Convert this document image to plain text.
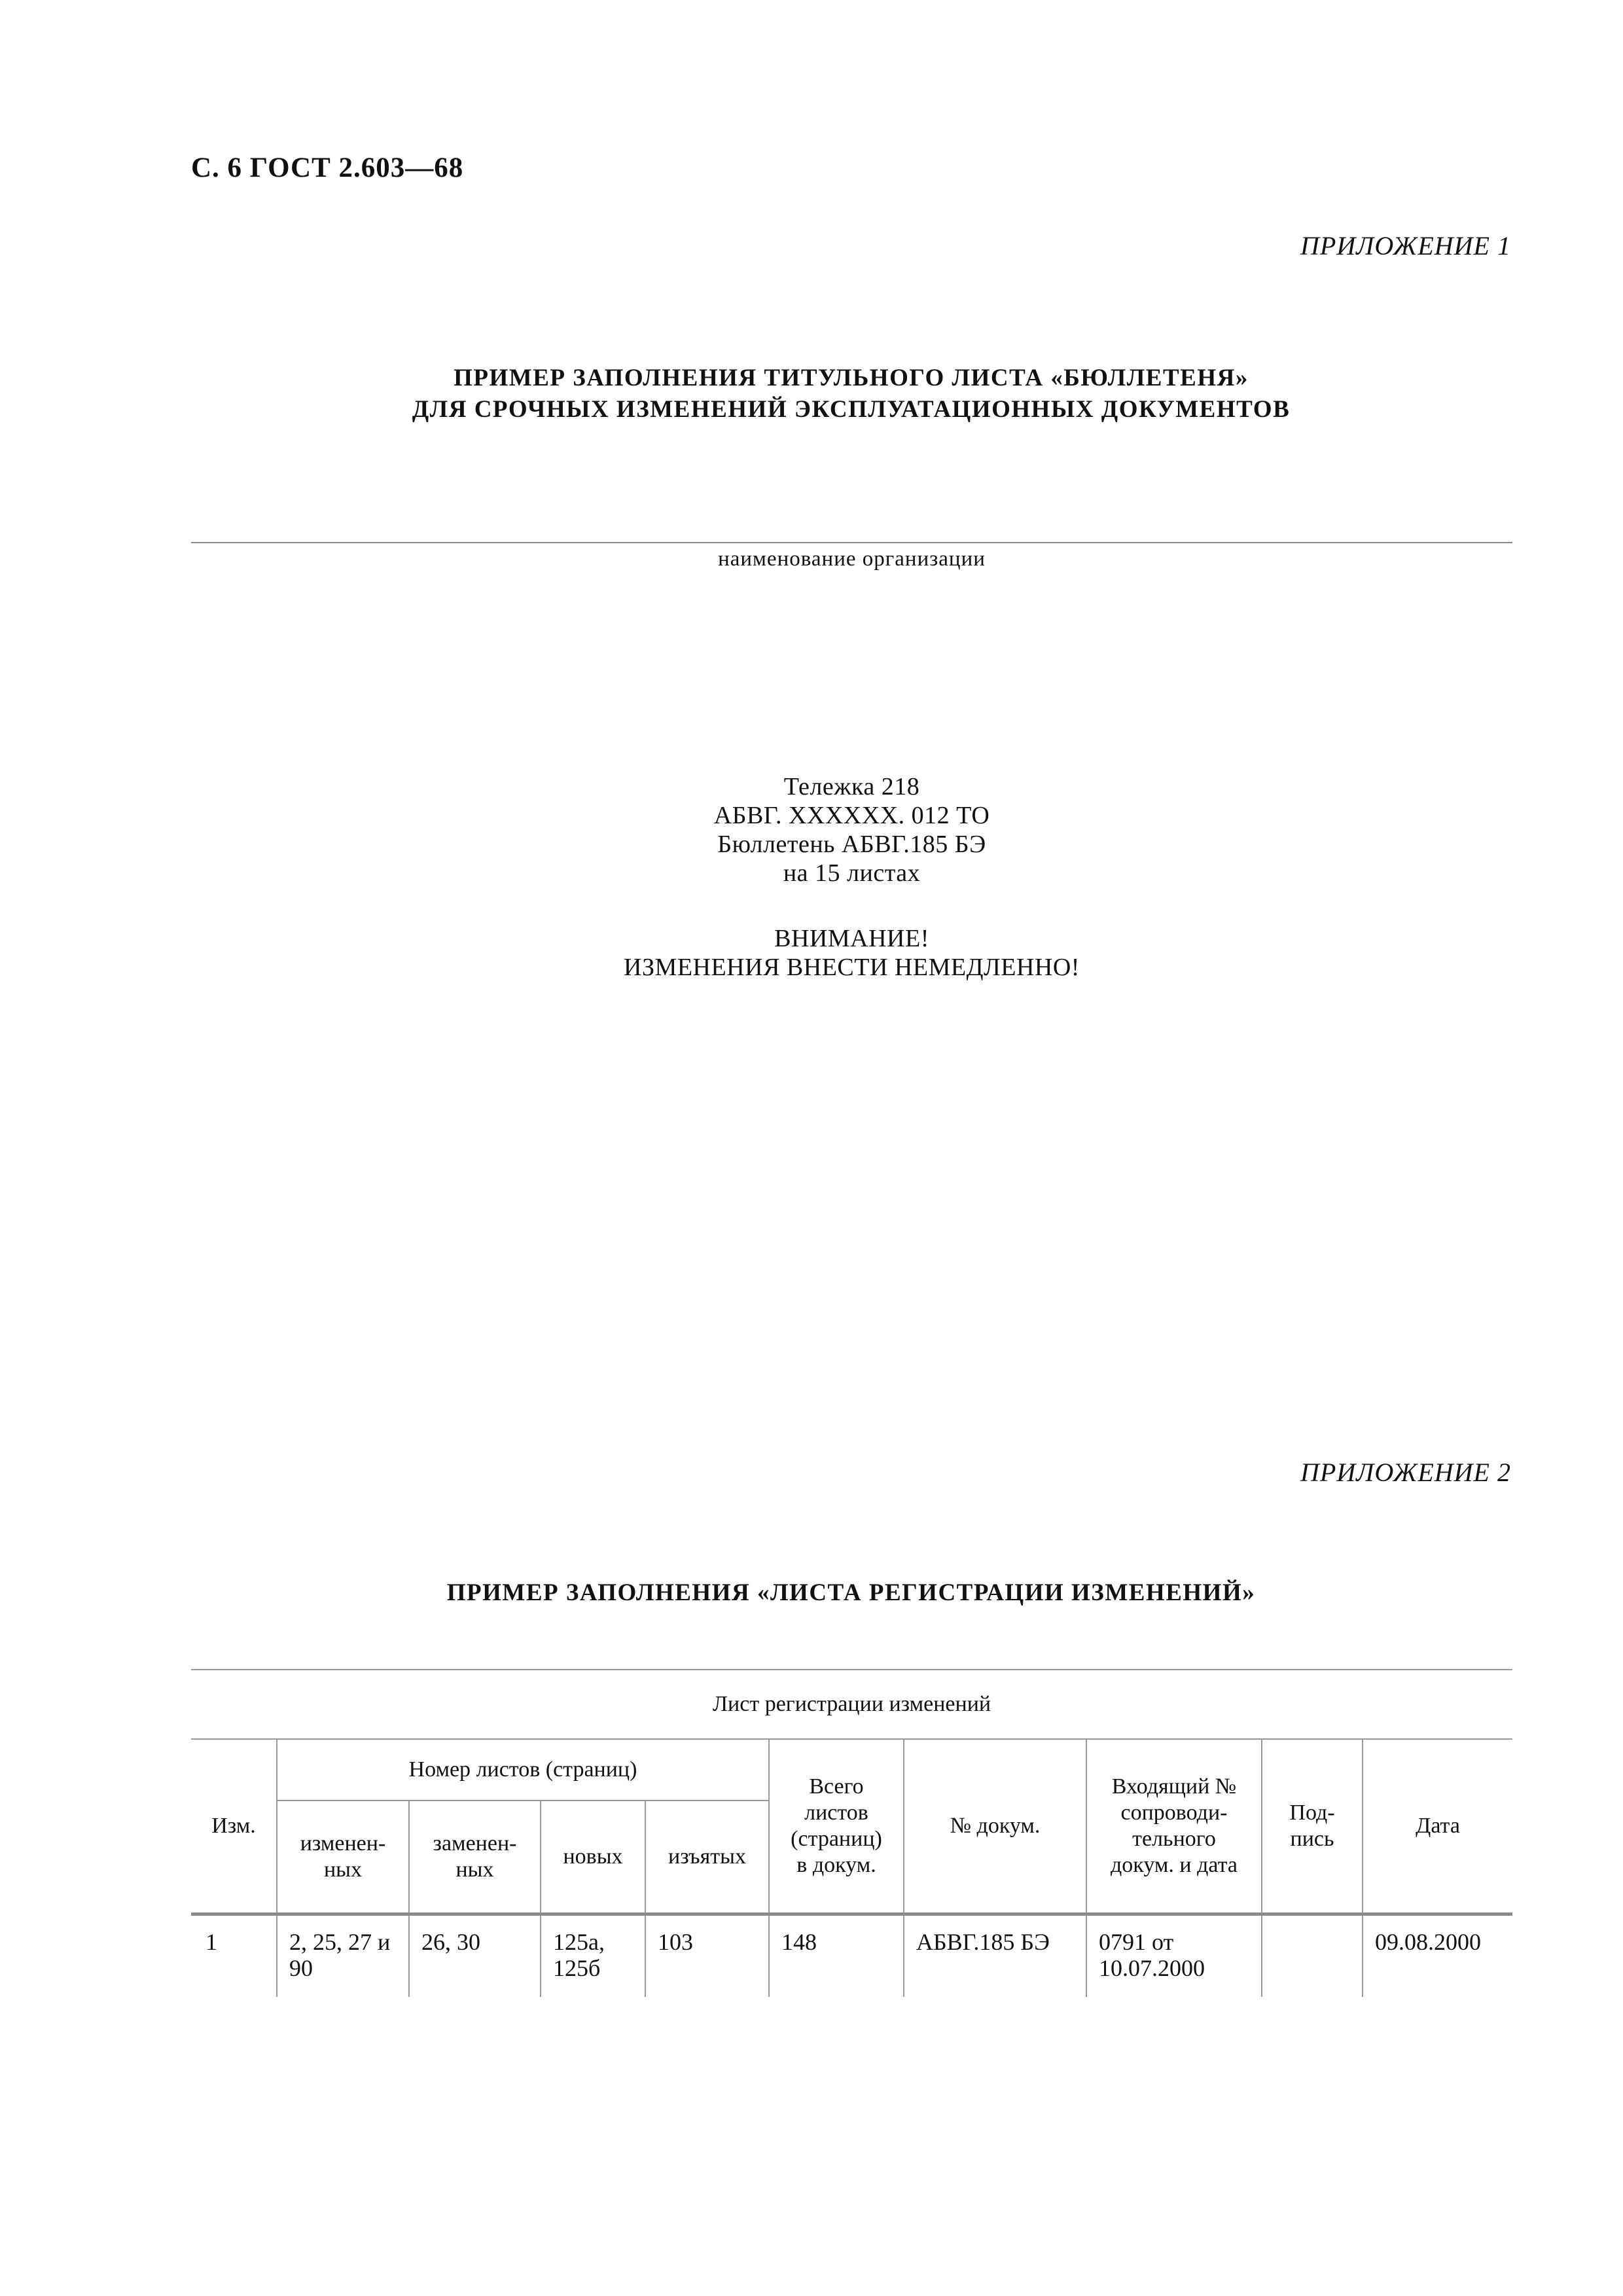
С. 6 ГОСТ 2.603—68
ПРИЛОЖЕНИЕ 1
ПРИМЕР ЗАПОЛНЕНИЯ ТИТУЛЬНОГО ЛИСТА «БЮЛЛЕТЕНЯ»
ДЛЯ СРОЧНЫХ ИЗМЕНЕНИЙ ЭКСПЛУАТАЦИОННЫХ ДОКУМЕНТОВ
наименование организации
Тележка 218
АБВГ. XXXXXX. 012 ТО
Бюллетень АБВГ.185 БЭ
на 15 листах
ВНИМАНИЕ!
ИЗМЕНЕНИЯ ВНЕСТИ НЕМЕДЛЕННО!
ПРИЛОЖЕНИЕ 2
ПРИМЕР ЗАПОЛНЕНИЯ «ЛИСТА РЕГИСТРАЦИИ ИЗМЕНЕНИЙ»
Лист регистрации изменений									
Изм.	Номер листов (страниц)				Всего листов (страниц) в докум.	№ докум.	Входящий № сопроводи-тельного докум. и дата	Под-пись	Дата
	изменен-ных	заменен-ных	новых	изъятых					
1	2, 25, 27 и 90	26, 30	125а, 125б	103	148	АБВГ.185 БЭ	0791 от 10.07.2000		09.08.2000
